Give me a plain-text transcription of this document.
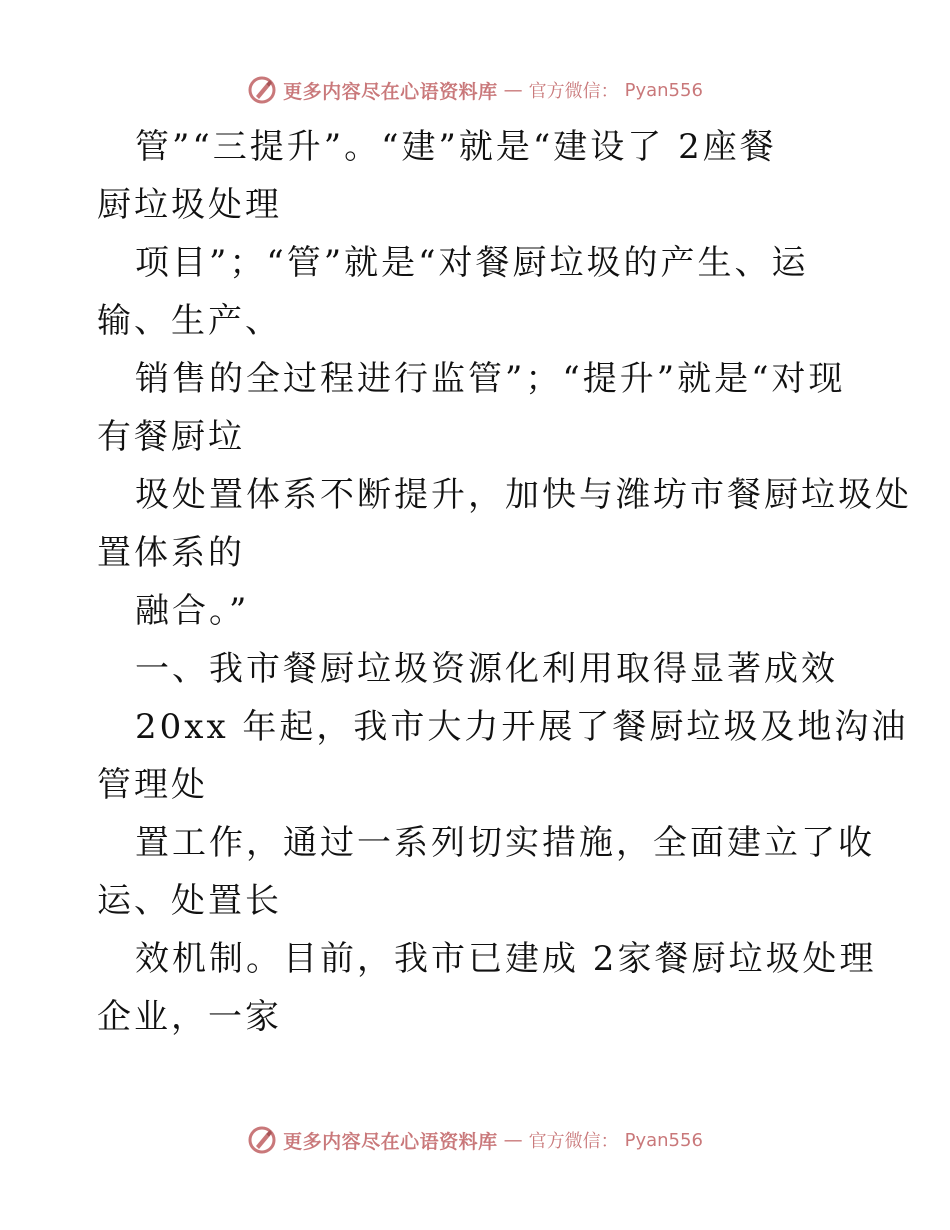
更多内容尽在心语资料库 — 官方微信： Pyan556
管”“三提升”。“建”就是“建设了 2座餐
厨垃圾处理
项目”；“管”就是“对餐厨垃圾的产生、运
输、生产、
销售的全过程进行监管”；“提升”就是“对现
有餐厨垃
圾处置体系不断提升，加快与潍坊市餐厨垃圾处
置体系的
融合。”
一、我市餐厨垃圾资源化利用取得显著成效
20xx 年起，我市大力开展了餐厨垃圾及地沟油
管理处
置工作，通过一系列切实措施，全面建立了收
运、处置长
效机制。目前，我市已建成 2家餐厨垃圾处理
企业，一家
更多内容尽在心语资料库 — 官方微信： Pyan556
